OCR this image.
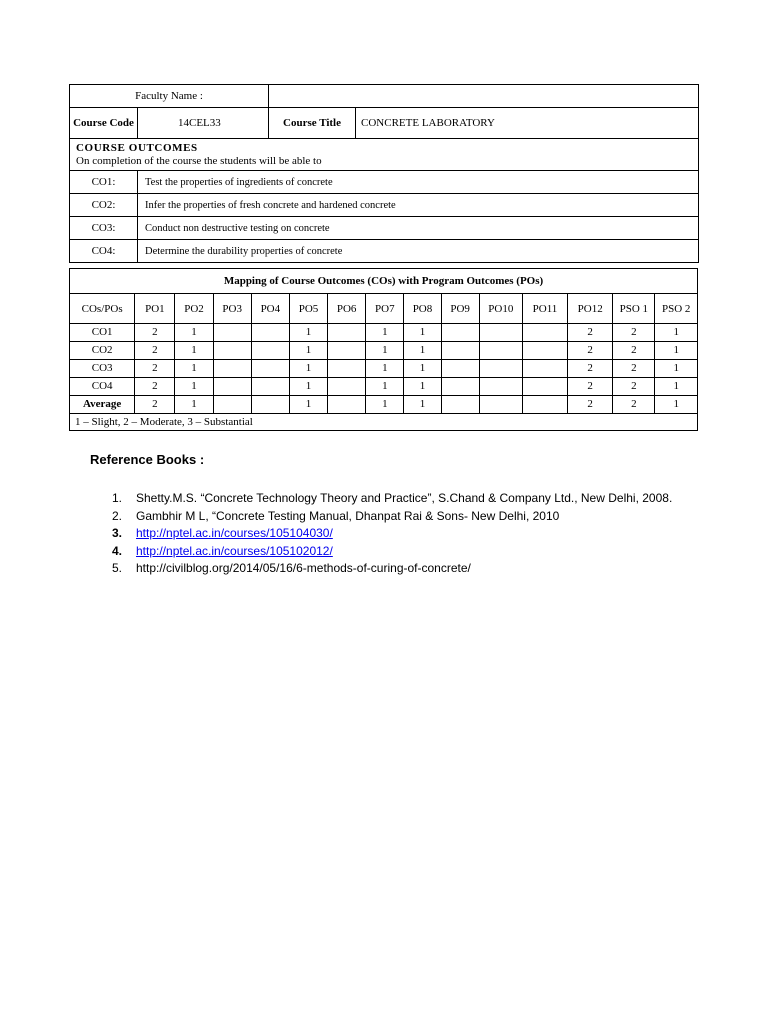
Faculty Name :			
Course Code	14CEL33	Course Title	CONCRETE LABORATORY

COURSE OUTCOMES
On completion of the course the students will be able to			

CO1:	Test the properties of ingredients of concrete		
CO2:	Infer the properties of fresh concrete and hardened concrete		
CO3:	Conduct non destructive testing on concrete		
CO4:	Determine the durability properties of concrete		
Mapping of Course Outcomes (COs) with Program Outcomes (POs)														
COs/POs	PO1	PO2	PO3	PO4	PO5	PO6	PO7	PO8	PO9	PO10	PO11	PO12	PSO 1	PSO 2
CO1	2	1			1		1	1				2	2	1
CO2	2	1			1		1	1				2	2	1
CO3	2	1			1		1	1				2	2	1
CO4	2	1			1		1	1				2	2	1
Average	2	1			1		1	1				2	2	1
1 – Slight, 2 – Moderate, 3 – Substantial														
Reference Books :
1. Shetty.M.S. “Concrete Technology Theory and Practice”, S.Chand & Company Ltd., New Delhi, 2008.
2. Gambhir M L, “Concrete Testing Manual, Dhanpat Rai & Sons- New Delhi, 2010
3. http://nptel.ac.in/courses/105104030/
4. http://nptel.ac.in/courses/105102012/
5. http://civilblog.org/2014/05/16/6-methods-of-curing-of-concrete/
